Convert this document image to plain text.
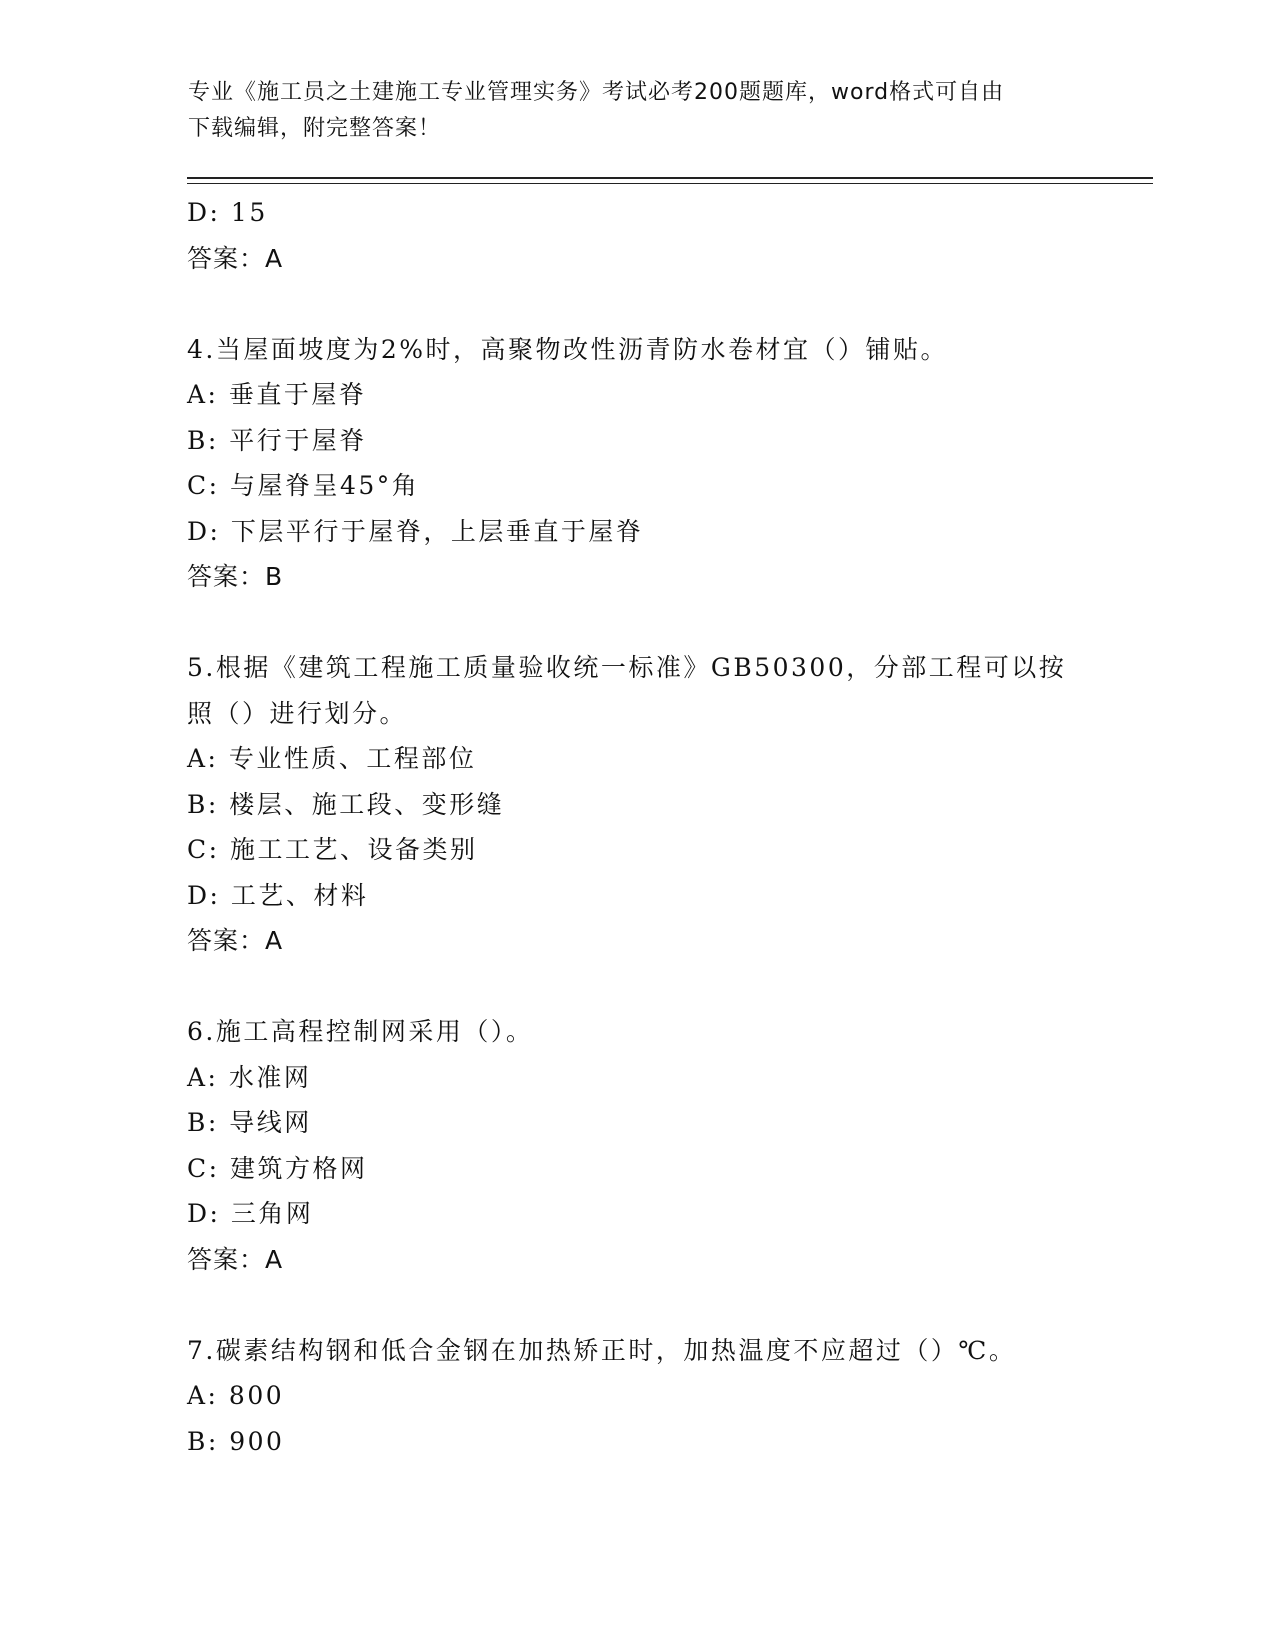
专业《施工员之土建施工专业管理实务》考试必考200题题库，word格式可自由
下载编辑，附完整答案！
D: 15
答案：A
4.当屋面坡度为2%时，高聚物改性沥青防水卷材宜（）铺贴。
A: 垂直于屋脊
B: 平行于屋脊
C: 与屋脊呈45°角
D: 下层平行于屋脊，上层垂直于屋脊
答案：B
5.根据《建筑工程施工质量验收统一标准》GB50300，分部工程可以按
照（）进行划分。
A: 专业性质、工程部位
B: 楼层、施工段、变形缝
C: 施工工艺、设备类别
D: 工艺、材料
答案：A
6.施工高程控制网采用（）。
A: 水准网
B: 导线网
C: 建筑方格网
D: 三角网
答案：A
7.碳素结构钢和低合金钢在加热矫正时，加热温度不应超过（）℃。
A: 800
B: 900
